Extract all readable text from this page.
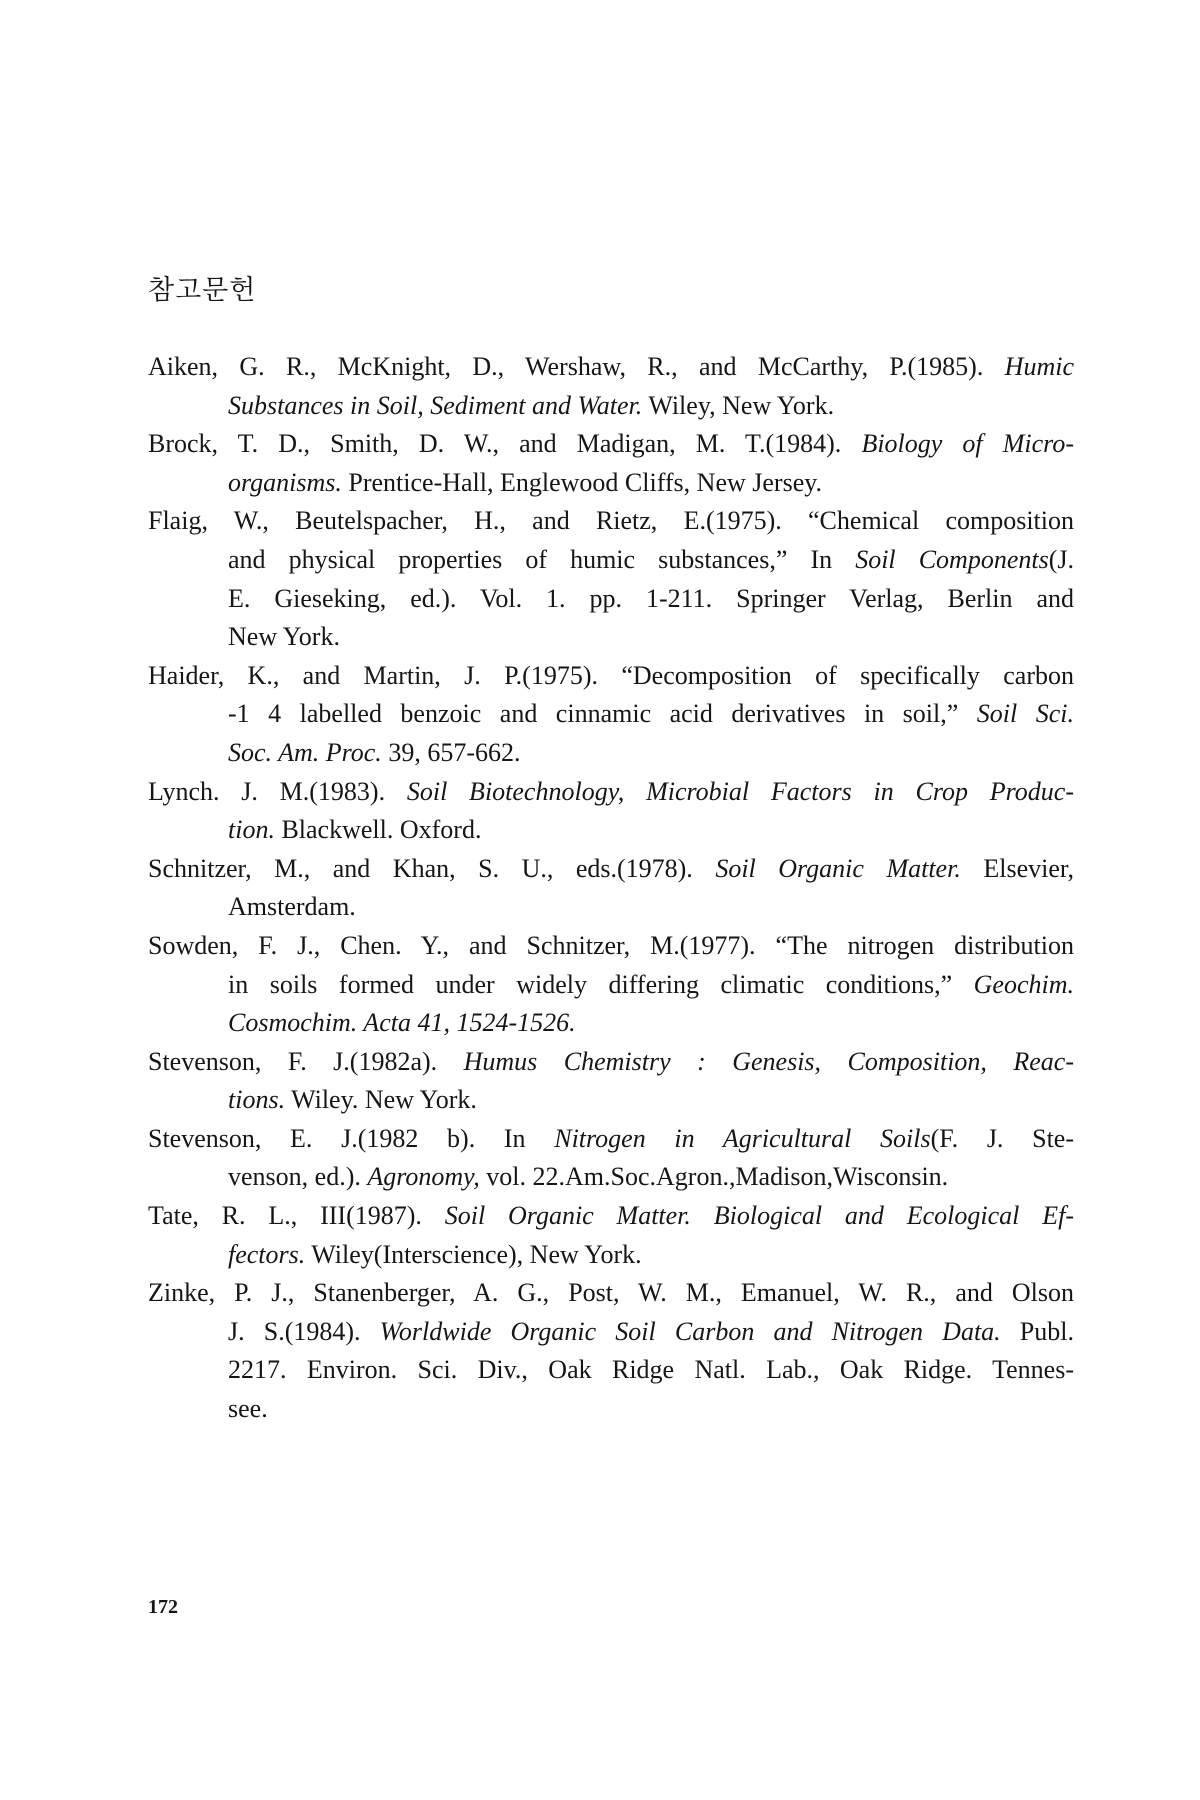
참고문헌
Aiken, G. R., McKnight, D., Wershaw, R., and McCarthy, P.(1985). Humic
Substances in Soil, Sediment and Water. Wiley, New York.
Brock, T. D., Smith, D. W., and Madigan, M. T.(1984). Biology of Micro-
organisms. Prentice-Hall, Englewood Cliffs, New Jersey.
Flaig, W., Beutelspacher, H., and Rietz, E.(1975). “Chemical composition
and physical properties of humic substances,” In Soil Components(J.
E. Gieseking, ed.). Vol. 1. pp. 1-211. Springer Verlag, Berlin and
New York.
Haider, K., and Martin, J. P.(1975). “Decomposition of specifically carbon
-1 4 labelled benzoic and cinnamic acid derivatives in soil,” Soil Sci.
Soc. Am. Proc. 39, 657-662.
Lynch. J. M.(1983). Soil Biotechnology, Microbial Factors in Crop Produc-
tion. Blackwell. Oxford.
Schnitzer, M., and Khan, S. U., eds.(1978). Soil Organic Matter. Elsevier,
Amsterdam.
Sowden, F. J., Chen. Y., and Schnitzer, M.(1977). “The nitrogen distribution
in soils formed under widely differing climatic conditions,” Geochim.
Cosmochim. Acta 41, 1524-1526.
Stevenson, F. J.(1982a). Humus Chemistry : Genesis, Composition, Reac-
tions. Wiley. New York.
Stevenson, E. J.(1982 b). In Nitrogen in Agricultural Soils(F. J. Ste-
venson, ed.). Agronomy, vol. 22.Am.Soc.Agron.,Madison,Wisconsin.
Tate, R. L., III(1987). Soil Organic Matter. Biological and Ecological Ef-
fectors. Wiley(Interscience), New York.
Zinke, P. J., Stanenberger, A. G., Post, W. M., Emanuel, W. R., and Olson
J. S.(1984). Worldwide Organic Soil Carbon and Nitrogen Data. Publ.
2217. Environ. Sci. Div., Oak Ridge Natl. Lab., Oak Ridge. Tennes-
see.
172
